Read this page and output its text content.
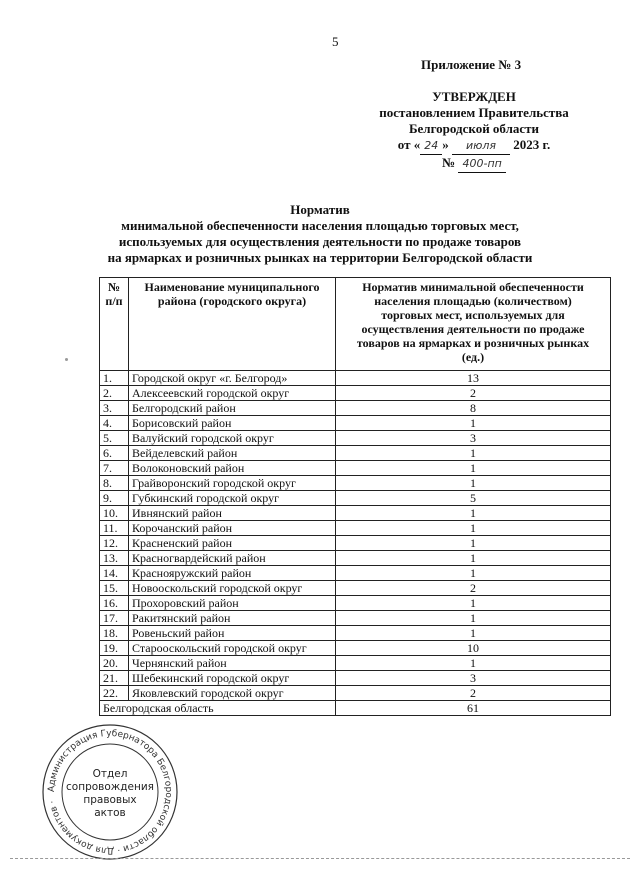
5
Приложение № 3
УТВЕРЖДЕН
постановлением Правительства
Белгородской области
от « 24 » июля 2023 г.
№ 400-пп
Норматив
минимальной обеспеченности населения площадью торговых мест,
используемых для осуществления деятельности по продаже товаров
на ярмарках и розничных рынках на территории Белгородской области
№ п/п	Наименование муниципального района (городского округа)	Норматив минимальной обеспеченности населения площадью (количеством) торговых мест, используемых для осуществления деятельности по продаже товаров на ярмарках и розничных рынках (ед.)
1.	Городской округ «г. Белгород»	13
2.	Алексеевский городской округ	2
3.	Белгородский район	8
4.	Борисовский район	1
5.	Валуйский городской округ	3
6.	Вейделевский район	1
7.	Волоконовский район	1
8.	Грайворонский городской округ	1
9.	Губкинский городской округ	5
10.	Ивнянский район	1
11.	Корочанский район	1
12.	Красненский район	1
13.	Красногвардейский район	1
14.	Краснояружский район	1
15.	Новооскольский городской округ	2
16.	Прохоровский район	1
17.	Ракитянский район	1
18.	Ровеньский район	1
19.	Старооскольский городской округ	10
20.	Чернянский район	1
21.	Шебекинский городской округ	3
22.	Яковлевский городской округ	2
Белгородская область		61
Администрация Губернатора Белгородской области · Для документов ·
Отдел
сопровождения
правовых
актов
